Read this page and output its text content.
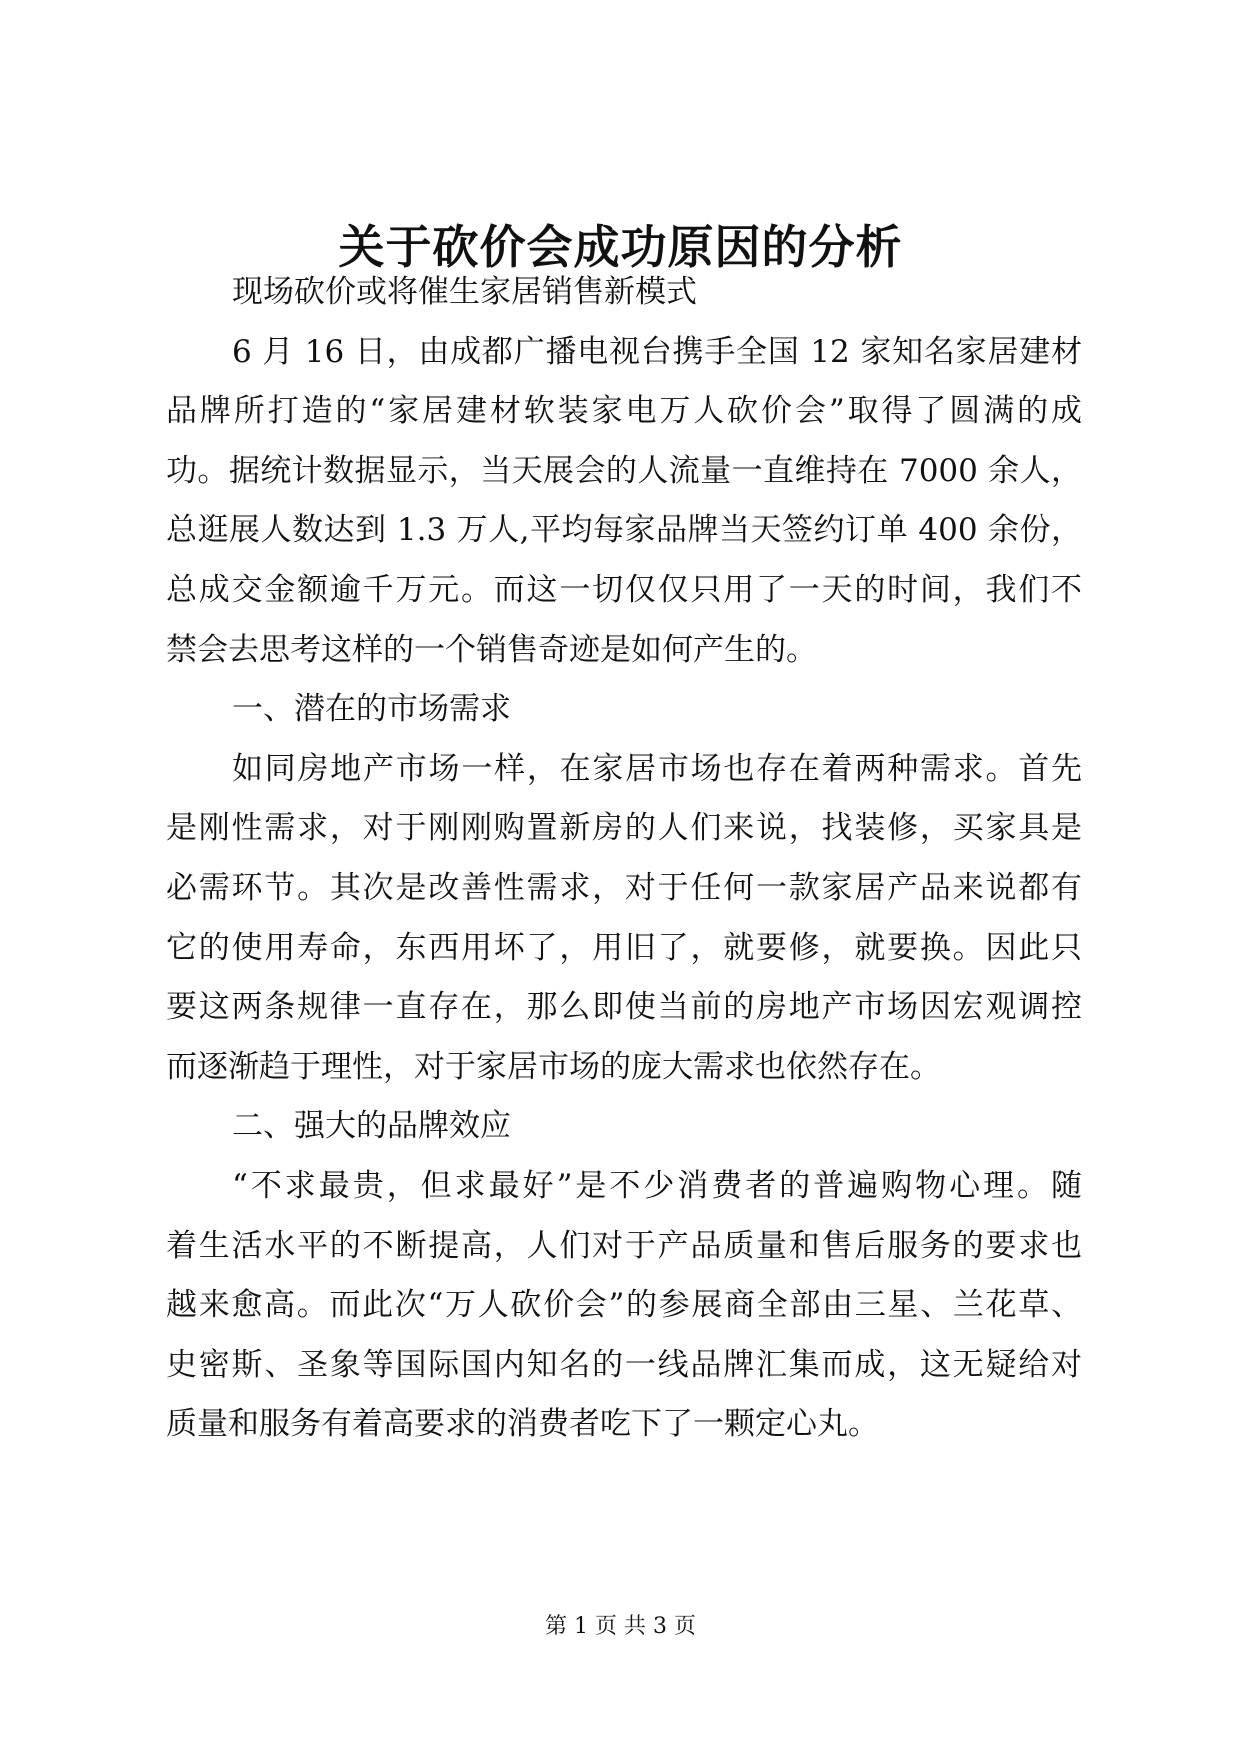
关于砍价会成功原因的分析
现场砍价或将催生家居销售新模式
6 月 16 日，由成都广播电视台携手全国 12 家知名家居建材
品牌所打造的“家居建材软装家电万人砍价会”取得了圆满的成
功。据统计数据显示，当天展会的人流量一直维持在 7000 余人，
总逛展人数达到 1.3 万人,平均每家品牌当天签约订单 400 余份，
总成交金额逾千万元。而这一切仅仅只用了一天的时间，我们不
禁会去思考这样的一个销售奇迹是如何产生的。
一、潜在的市场需求
如同房地产市场一样，在家居市场也存在着两种需求。首先
是刚性需求，对于刚刚购置新房的人们来说，找装修，买家具是
必需环节。其次是改善性需求，对于任何一款家居产品来说都有
它的使用寿命，东西用坏了，用旧了，就要修，就要换。因此只
要这两条规律一直存在，那么即使当前的房地产市场因宏观调控
而逐渐趋于理性，对于家居市场的庞大需求也依然存在。
二、强大的品牌效应
“不求最贵，但求最好”是不少消费者的普遍购物心理。随
着生活水平的不断提高，人们对于产品质量和售后服务的要求也
越来愈高。而此次“万人砍价会”的参展商全部由三星、兰花草、
史密斯、圣象等国际国内知名的一线品牌汇集而成，这无疑给对
质量和服务有着高要求的消费者吃下了一颗定心丸。
第 1 页 共 3 页
